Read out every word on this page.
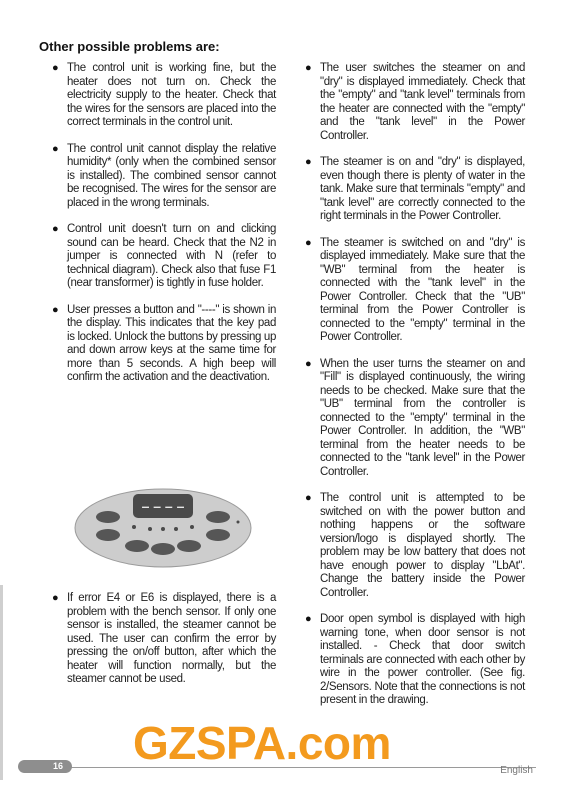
Other possible problems are:
● The control unit is working fine, but the heater does not turn on. Check the electricity supply to the heater. Check that the wires for the sensors are placed into the correct terminals in the control unit.
● The control unit cannot display the relative humidity* (only when the combined sensor is installed). The combined sensor cannot be recognised. The wires for the sensor are placed in the wrong terminals.
● Control unit doesn't turn on and clicking sound can be heard. Check that the N2 in jumper is connected with N (refer to technical diagram). Check also that fuse F1 (near transformer) is tightly in fuse holder.
● User presses a button and "----" is shown in the display. This indicates that the key pad is locked. Unlock the buttons by pressing up and down arrow keys at the same time for more than 5 seconds. A high beep will confirm the activation and the deactivation.
– – – –
● If error E4 or E6 is displayed, there is a problem with the bench sensor. If only one sensor is installed, the steamer cannot be used. The user can confirm the error by pressing the on/off button, after which the heater will function normally, but the steamer cannot be used.
● The user switches the steamer on and "dry" is displayed immediately. Check that the "empty" and "tank level" terminals from the heater are connected with the "empty" and the "tank level" in the Power Controller.
● The steamer is on and "dry" is displayed, even though there is plenty of water in the tank. Make sure that terminals "empty" and "tank level" are correctly connected to the right terminals in the Power Controller.
● The steamer is switched on and "dry" is displayed immediately. Make sure that the "WB" terminal from the heater is connected with the "tank level" in the Power Controller. Check that the "UB" terminal from the Power Controller is connected to the "empty" terminal in the Power Controller.
● When the user turns the steamer on and "Fill" is displayed continuously, the wiring needs to be checked. Make sure that the "UB" terminal from the controller is connected to the "empty" terminal in the Power Controller. In addition, the "WB" terminal from the heater needs to be connected to the "tank level" in the Power Controller.
● The control unit is attempted to be switched on with the power button and nothing happens or the software version/logo is displayed shortly. The problem may be low battery that does not have enough power to display "LbAt". Change the battery inside the Power Controller.
● Door open symbol is displayed with high warning tone, when door sensor is not installed. - Check that door switch terminals are connected with each other by wire in the power controller. (See fig. 2/Sensors. Note that the connections is not present in the drawing.
16	English
GZSPA.com
